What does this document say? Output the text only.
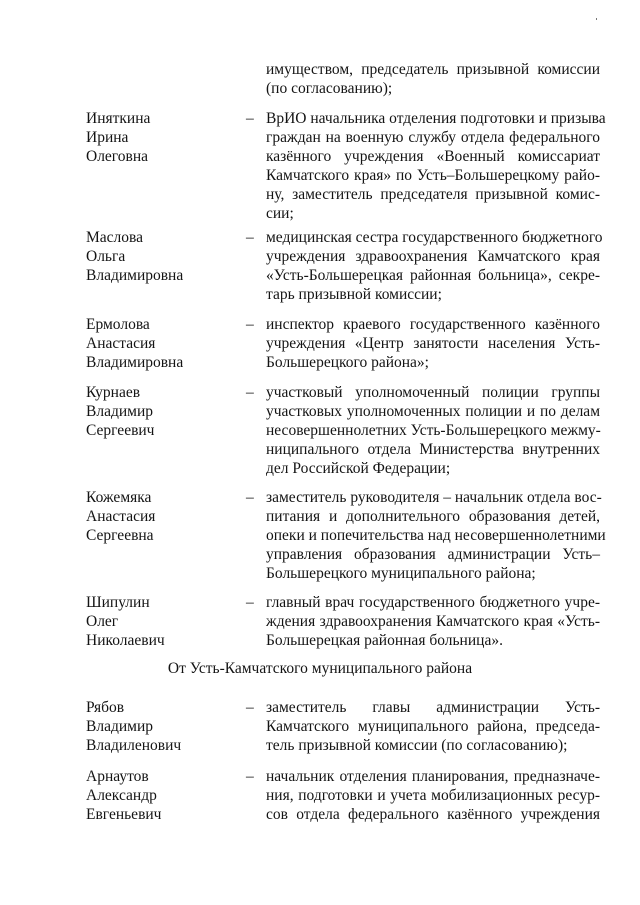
имуществом, председатель призывной комиссии
(по согласованию);
Иняткина
Ирина
Олеговна
– ВрИО начальника отделения подготовки и призыва
граждан на военную службу отдела федерального
казённого учреждения «Военный комиссариат
Камчатского края» по Усть–Большерецкому райо-
ну, заместитель председателя призывной комис-
сии;
Маслова
Ольга
Владимировна
– медицинская сестра государственного бюджетного
учреждения здравоохранения Камчатского края
«Усть-Большерецкая районная больница», секре-
тарь призывной комиссии;
Ермолова
Анастасия
Владимировна
– инспектор краевого государственного казённого
учреждения «Центр занятости населения Усть-
Большерецкого района»;
Курнаев
Владимир
Сергеевич
– участковый уполномоченный полиции группы
участковых уполномоченных полиции и по делам
несовершеннолетних Усть-Большерецкого межму-
ниципального отдела Министерства внутренних
дел Российской Федерации;
Кожемяка
Анастасия
Сергеевна
– заместитель руководителя – начальник отдела вос-
питания и дополнительного образования детей,
опеки и попечительства над несовершеннолетними
управления образования администрации Усть–
Большерецкого муниципального района;
Шипулин
Олег
Николаевич
– главный врач государственного бюджетного учре-
ждения здравоохранения Камчатского края «Усть-
Большерецкая районная больница».
От Усть-Камчатского муниципального района
Рябов
Владимир
Владиленович
– заместитель главы администрации Усть-
Камчатского муниципального района, председа-
тель призывной комиссии (по согласованию);
Арнаутов
Александр
Евгеньевич
– начальник отделения планирования, предназначе-
ния, подготовки и учета мобилизационных ресур-
сов отдела федерального казённого учреждения
